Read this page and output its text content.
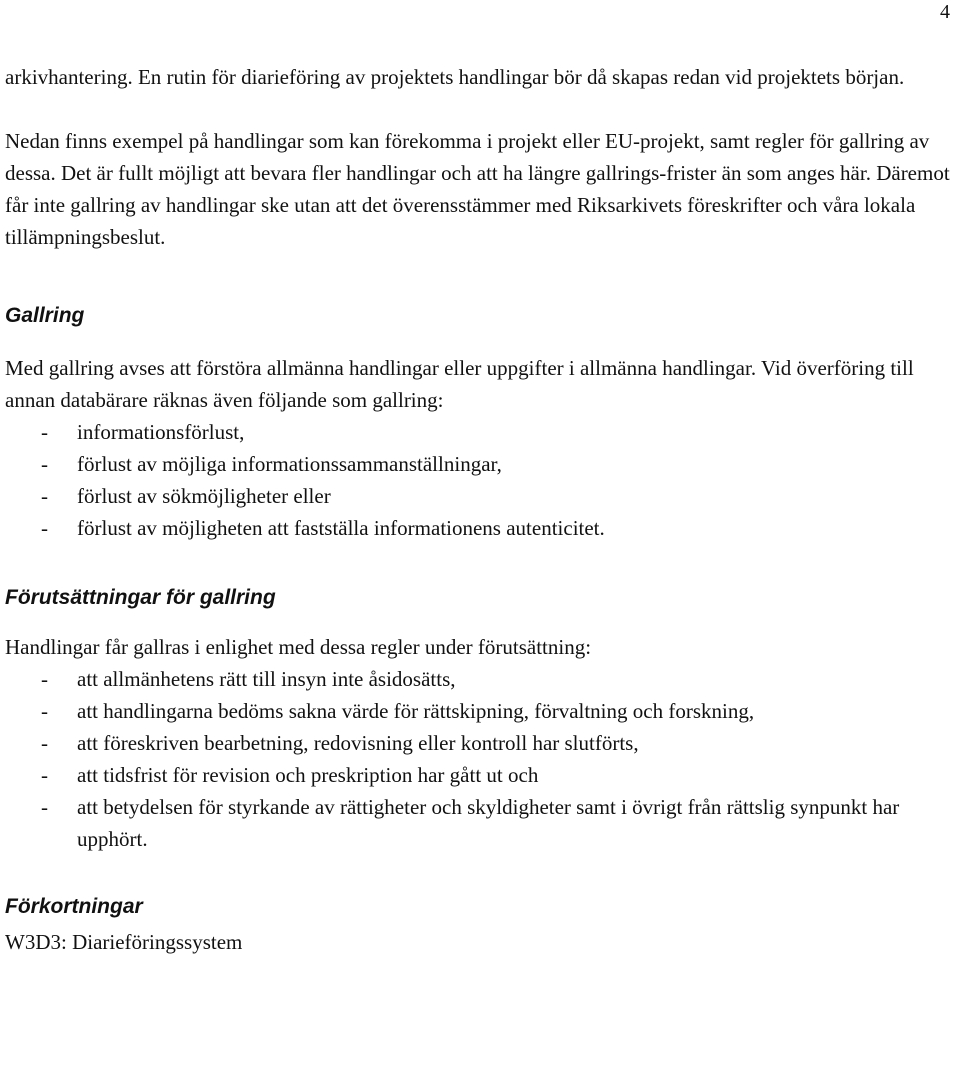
4

arkivhantering. En rutin för diarieföring av projektets handlingar bör då skapas redan vid projektets början.

Nedan finns exempel på handlingar som kan förekomma i projekt eller EU-projekt, samt regler för gallring av dessa. Det är fullt möjligt att bevara fler handlingar och att ha längre gallrings-frister än som anges här. Däremot får inte gallring av handlingar ske utan att det överensstämmer med Riksarkivets föreskrifter och våra lokala tillämpningsbeslut.

Gallring

Med gallring avses att förstöra allmänna handlingar eller uppgifter i allmänna handlingar. Vid överföring till annan databärare räknas även följande som gallring:

- informationsförlust,
- förlust av möjliga informationssammanställningar,
- förlust av sökmöjligheter eller
- förlust av möjligheten att fastställa informationens autenticitet.
Förutsättningar för gallring

Handlingar får gallras i enlighet med dessa regler under förutsättning:

- att allmänhetens rätt till insyn inte åsidosätts,
- att handlingarna bedöms sakna värde för rättskipning, förvaltning och forskning,
- att föreskriven bearbetning, redovisning eller kontroll har slutförts,
- att tidsfrist för revision och preskription har gått ut och
- att betydelsen för styrkande av rättigheter och skyldigheter samt i övrigt från rättslig synpunkt har upphört.
Förkortningar

W3D3: Diarieföringssystem
